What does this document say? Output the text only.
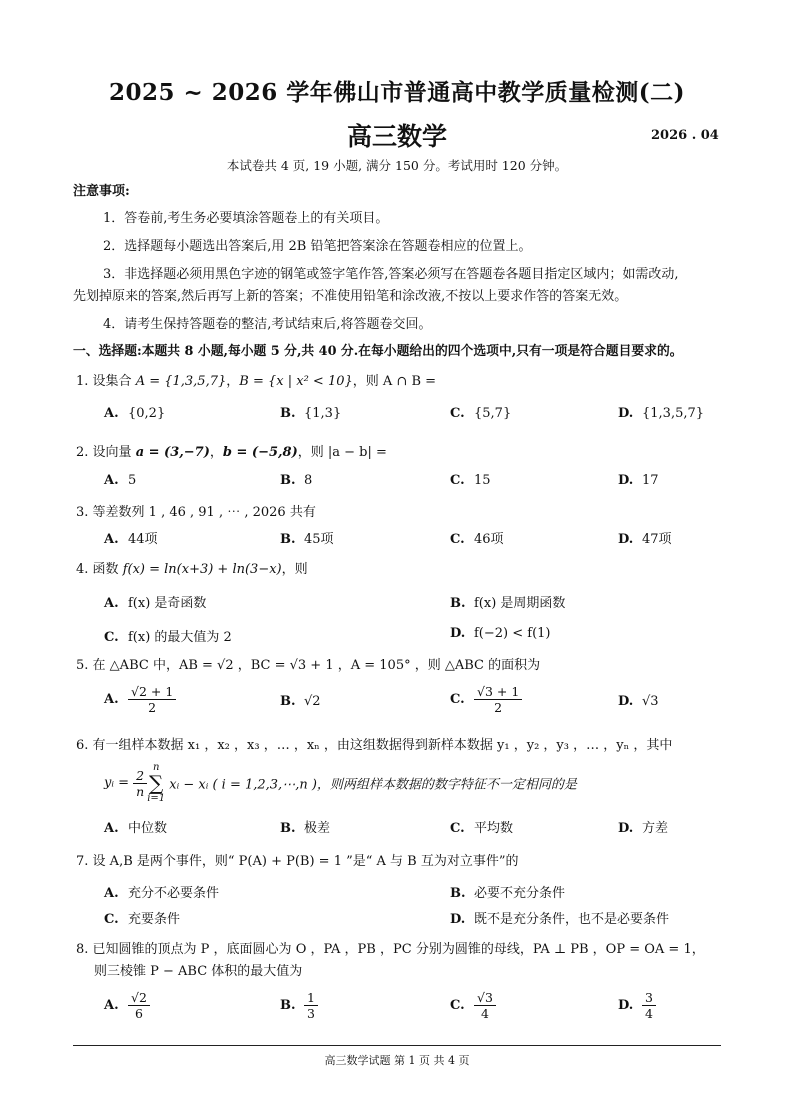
2025 ~ 2026 学年佛山市普通高中教学质量检测(二)
高三数学	2026 . 04
本试卷共 4 页, 19 小题, 满分 150 分。考试用时 120 分钟。
注意事项:
1．答卷前,考生务必要填涂答题卷上的有关项目。
2．选择题每小题选出答案后,用 2B 铅笔把答案涂在答题卷相应的位置上。
3．非选择题必须用黑色字迹的钢笔或签字笔作答,答案必须写在答题卷各题目指定区域内；如需改动,
先划掉原来的答案,然后再写上新的答案；不准使用铅笔和涂改液,不按以上要求作答的答案无效。
4．请考生保持答题卷的整洁,考试结束后,将答题卷交回。
一、选择题:本题共 8 小题,每小题 5 分,共 40 分.在每小题给出的四个选项中,只有一项是符合题目要求的。
1. 设集合 A = {1,3,5,7}，B = {x | x² < 10}，则 A ∩ B =
A. {0,2}	B. {1,3}	C. {5,7}	D. {1,3,5,7}
2. 设向量 a = (3,−7)，b = (−5,8)，则 |a − b| =
A. 5	B. 8	C. 15	D. 17
3. 等差数列 1 , 46 , 91 , ⋯ , 2026 共有
A. 44项	B. 45项	C. 46项	D. 47项
4. 函数 f(x) = ln(x+3) + ln(3−x)，则
A. f(x) 是奇函数	B. f(x) 是周期函数
C. f(x) 的最大值为 2	D. f(−2) < f(1)
5. 在 △ABC 中，AB = √2 ，BC = √3 + 1 ，A = 105° ，则 △ABC 的面积为
A. $\frac{√2 + 1}{2}$	B. √2	C. $\frac{√3 + 1}{2}$	D. √3
6. 有一组样本数据 x₁ ，x₂ ，x₃ ，… ，xₙ ，由这组数据得到新样本数据 y₁ ，y₂ ，y₃ ，… ，yₙ ，其中
yᵢ = $\frac{2}{n}$ n
∑
i=1 xᵢ − xᵢ ( i = 1,2,3,⋯,n )，则两组样本数据的数字特征不一定相同的是
A. 中位数	B. 极差	C. 平均数	D. 方差
7. 设 A,B 是两个事件，则“ P(A) + P(B) = 1 ”是“ A 与 B 互为对立事件”的
A. 充分不必要条件	B. 必要不充分条件
C. 充要条件	D. 既不是充分条件，也不是必要条件
8. 已知圆锥的顶点为 P ，底面圆心为 O ，PA ，PB ，PC 分别为圆锥的母线，PA ⊥ PB ，OP = OA = 1，
则三棱锥 P − ABC 体积的最大值为
A. $\frac{√2}{6}$	B. $\frac{1}{3}$	C. $\frac{√3}{4}$	D. $\frac{3}{4}$
高三数学试题 第 1 页 共 4 页
